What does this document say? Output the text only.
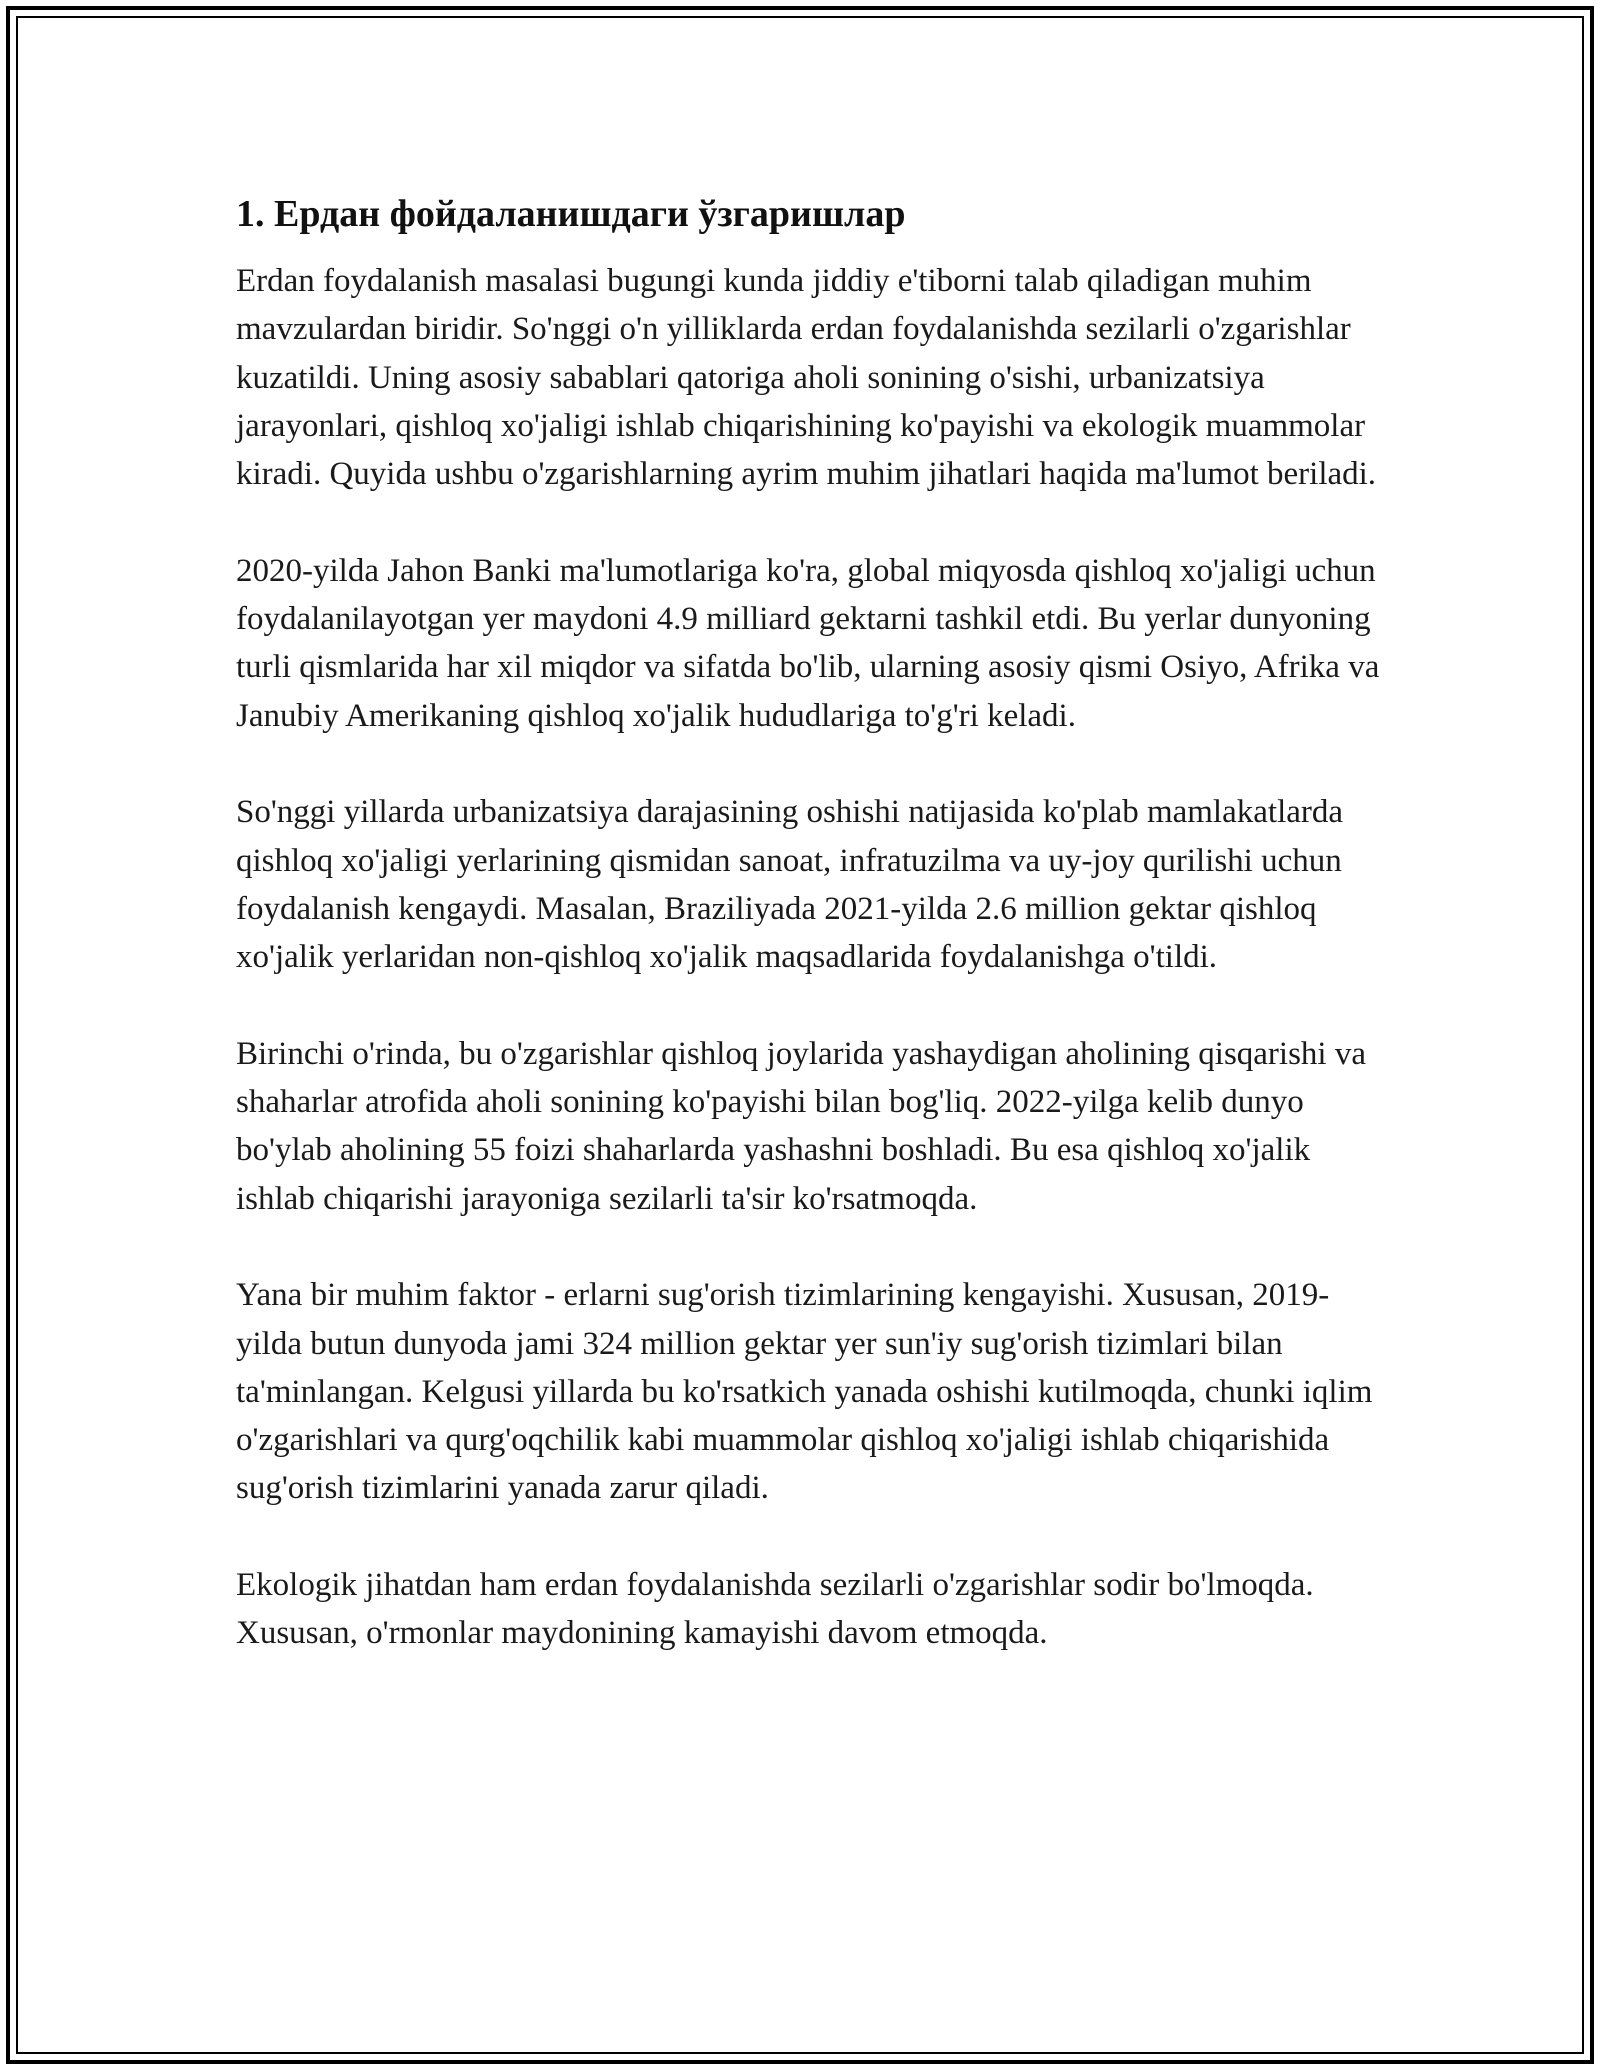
1. Ердан фойдаланишдаги ўзгаришлар

Erdan foydalanish masalasi bugungi kunda jiddiy e'tiborni talab qiladigan muhim mavzulardan biridir. So'nggi o'n yilliklarda erdan foydalanishda sezilarli o'zgarishlar kuzatildi. Uning asosiy sabablari qatoriga aholi sonining o'sishi, urbanizatsiya jarayonlari, qishloq xo'jaligi ishlab chiqarishining ko'payishi va ekologik muammolar kiradi. Quyida ushbu o'zgarishlarning ayrim muhim jihatlari haqida ma'lumot beriladi.

2020-yilda Jahon Banki ma'lumotlariga ko'ra, global miqyosda qishloq xo'jaligi uchun foydalanilayotgan yer maydoni 4.9 milliard gektarni tashkil etdi. Bu yerlar dunyoning turli qismlarida har xil miqdor va sifatda bo'lib, ularning asosiy qismi Osiyo, Afrika va Janubiy Amerikaning qishloq xo'jalik hududlariga to'g'ri keladi.

So'nggi yillarda urbanizatsiya darajasining oshishi natijasida ko'plab mamlakatlarda qishloq xo'jaligi yerlarining qismidan sanoat, infratuzilma va uy-joy qurilishi uchun foydalanish kengaydi. Masalan, Braziliyada 2021-yilda 2.6 million gektar qishloq xo'jalik yerlaridan non-qishloq xo'jalik maqsadlarida foydalanishga o'tildi.

Birinchi o'rinda, bu o'zgarishlar qishloq joylarida yashaydigan aholining qisqarishi va shaharlar atrofida aholi sonining ko'payishi bilan bog'liq. 2022-yilga kelib dunyo bo'ylab aholining 55 foizi shaharlarda yashashni boshladi. Bu esa qishloq xo'jalik ishlab chiqarishi jarayoniga sezilarli ta'sir ko'rsatmoqda.

Yana bir muhim faktor - erlarni sug'orish tizimlarining kengayishi. Xususan, 2019-yilda butun dunyoda jami 324 million gektar yer sun'iy sug'orish tizimlari bilan ta'minlangan. Kelgusi yillarda bu ko'rsatkich yanada oshishi kutilmoqda, chunki iqlim o'zgarishlari va qurg'oqchilik kabi muammolar qishloq xo'jaligi ishlab chiqarishida sug'orish tizimlarini yanada zarur qiladi.

Ekologik jihatdan ham erdan foydalanishda sezilarli o'zgarishlar sodir bo'lmoqda. Xususan, o'rmonlar maydonining kamayishi davom etmoqda.
